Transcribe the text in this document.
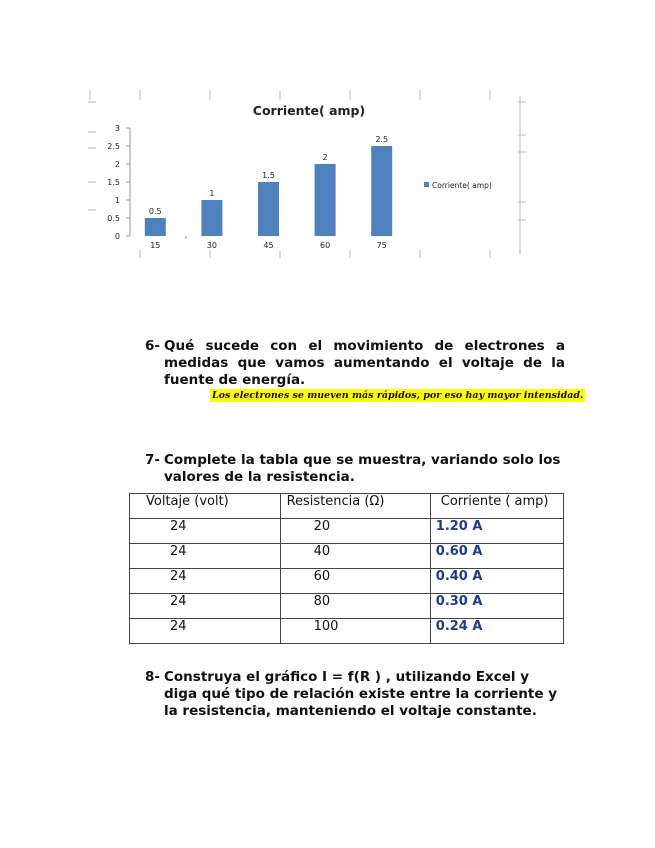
Corriente( amp)
0
0.5
1
1.5
2
2.5
3
15	30	45	60	75
0.5
1
1.5
2
2.5
Corriente( amp)
6- Qué sucede con el movimiento de electrones a medidas que vamos aumentando el voltaje de la fuente de energía.
Los electrones se mueven más rápidos, por eso hay mayor intensidad.
7- Complete la tabla que se muestra, variando solo los valores de la resistencia.
Voltaje (volt)	Resistencia (Ω)	Corriente ( amp)
24	20	1.20 A
24	40	0.60 A
24	60	0.40 A
24	80	0.30 A
24	100	0.24 A
8- Construya el gráfico I = f(R ) , utilizando Excel y diga qué tipo de relación existe entre la corriente y la resistencia, manteniendo el voltaje constante.
